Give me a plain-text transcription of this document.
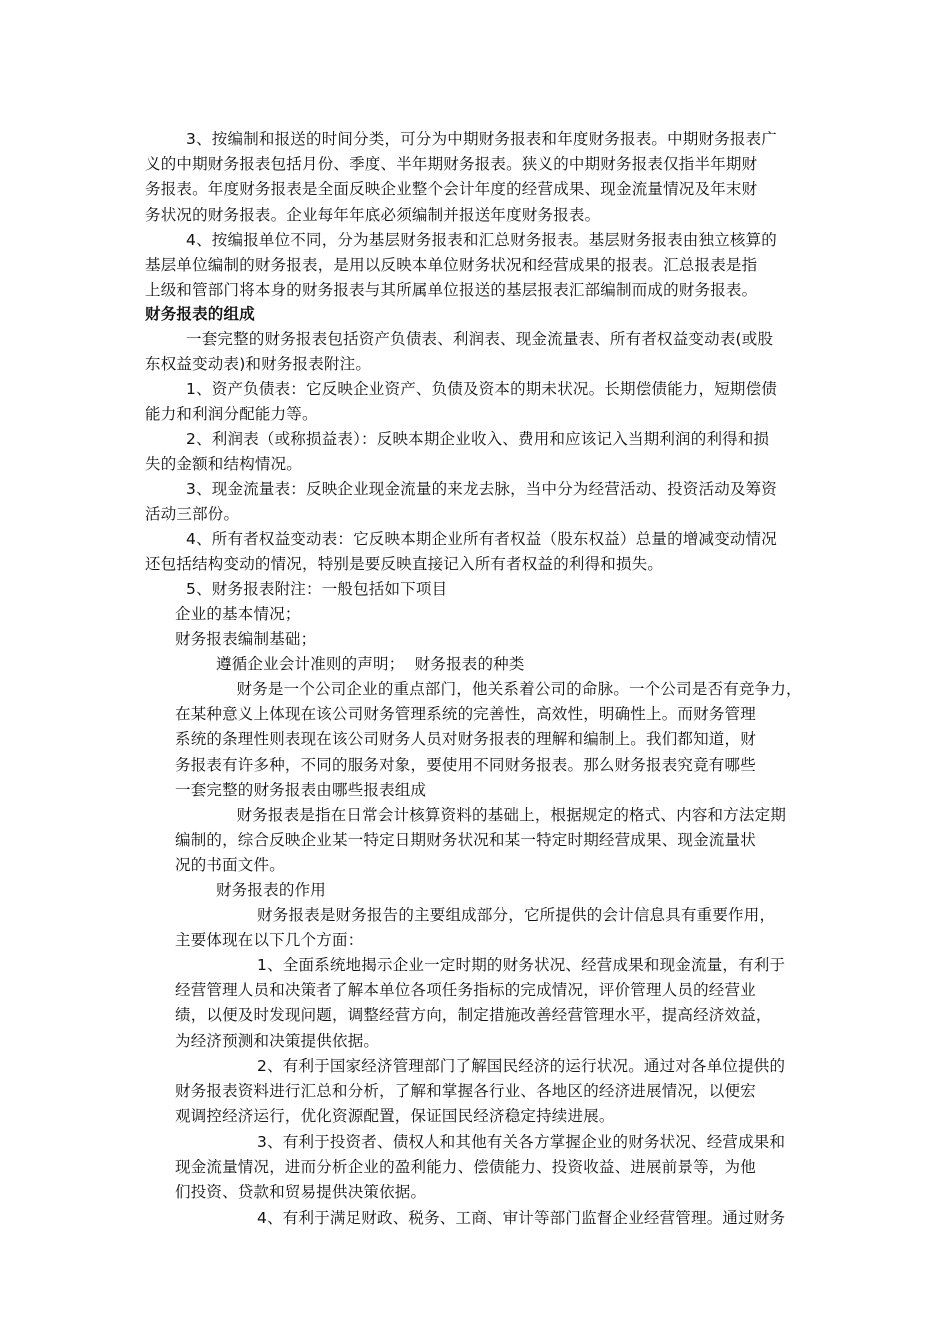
3、按编制和报送的时间分类，可分为中期财务报表和年度财务报表。中期财务报表广
义的中期财务报表包括月份、季度、半年期财务报表。狭义的中期财务报表仅指半年期财
务报表。年度财务报表是全面反映企业整个会计年度的经营成果、现金流量情况及年末财
务状况的财务报表。企业每年年底必须编制并报送年度财务报表。

4、按编报单位不同，分为基层财务报表和汇总财务报表。基层财务报表由独立核算的
基层单位编制的财务报表，是用以反映本单位财务状况和经营成果的报表。汇总报表是指
上级和管部门将本身的财务报表与其所属单位报送的基层报表汇部编制而成的财务报表。

财务报表的组成

一套完整的财务报表包括资产负债表、利润表、现金流量表、所有者权益变动表(或股
东权益变动表)和财务报表附注。

1、资产负债表：它反映企业资产、负债及资本的期未状况。长期偿债能力，短期偿债
能力和利润分配能力等。

2、利润表（或称损益表）：反映本期企业收入、费用和应该记入当期利润的利得和损
失的金额和结构情况。

3、现金流量表：反映企业现金流量的来龙去脉，当中分为经营活动、投资活动及筹资
活动三部份。

4、所有者权益变动表：它反映本期企业所有者权益（股东权益）总量的增减变动情况
还包括结构变动的情况，特别是要反映直接记入所有者权益的利得和损失。

5、财务报表附注：一般包括如下项目

企业的基本情况；

财务报表编制基础；

遵循企业会计准则的声明；  财务报表的种类

财务是一个公司企业的重点部门，他关系着公司的命脉。一个公司是否有竞争力，
在某种意义上体现在该公司财务管理系统的完善性，高效性，明确性上。而财务管理
系统的条理性则表现在该公司财务人员对财务报表的理解和编制上。我们都知道，财
务报表有许多种，不同的服务对象，要使用不同财务报表。那么财务报表究竟有哪些
一套完整的财务报表由哪些报表组成

财务报表是指在日常会计核算资料的基础上，根据规定的格式、内容和方法定期
编制的，综合反映企业某一特定日期财务状况和某一特定时期经营成果、现金流量状
况的书面文件。

财务报表的作用

财务报表是财务报告的主要组成部分，它所提供的会计信息具有重要作用，
主要体现在以下几个方面：

1、全面系统地揭示企业一定时期的财务状况、经营成果和现金流量，有利于
经营管理人员和决策者了解本单位各项任务指标的完成情况，评价管理人员的经营业
绩，以便及时发现问题，调整经营方向，制定措施改善经营管理水平，提高经济效益，
为经济预测和决策提供依据。

2、有利于国家经济管理部门了解国民经济的运行状况。通过对各单位提供的
财务报表资料进行汇总和分析，了解和掌握各行业、各地区的经济进展情况，以便宏
观调控经济运行，优化资源配置，保证国民经济稳定持续进展。

3、有利于投资者、债权人和其他有关各方掌握企业的财务状况、经营成果和
现金流量情况，进而分析企业的盈利能力、偿债能力、投资收益、进展前景等，为他
们投资、贷款和贸易提供决策依据。

4、有利于满足财政、税务、工商、审计等部门监督企业经营管理。通过财务
